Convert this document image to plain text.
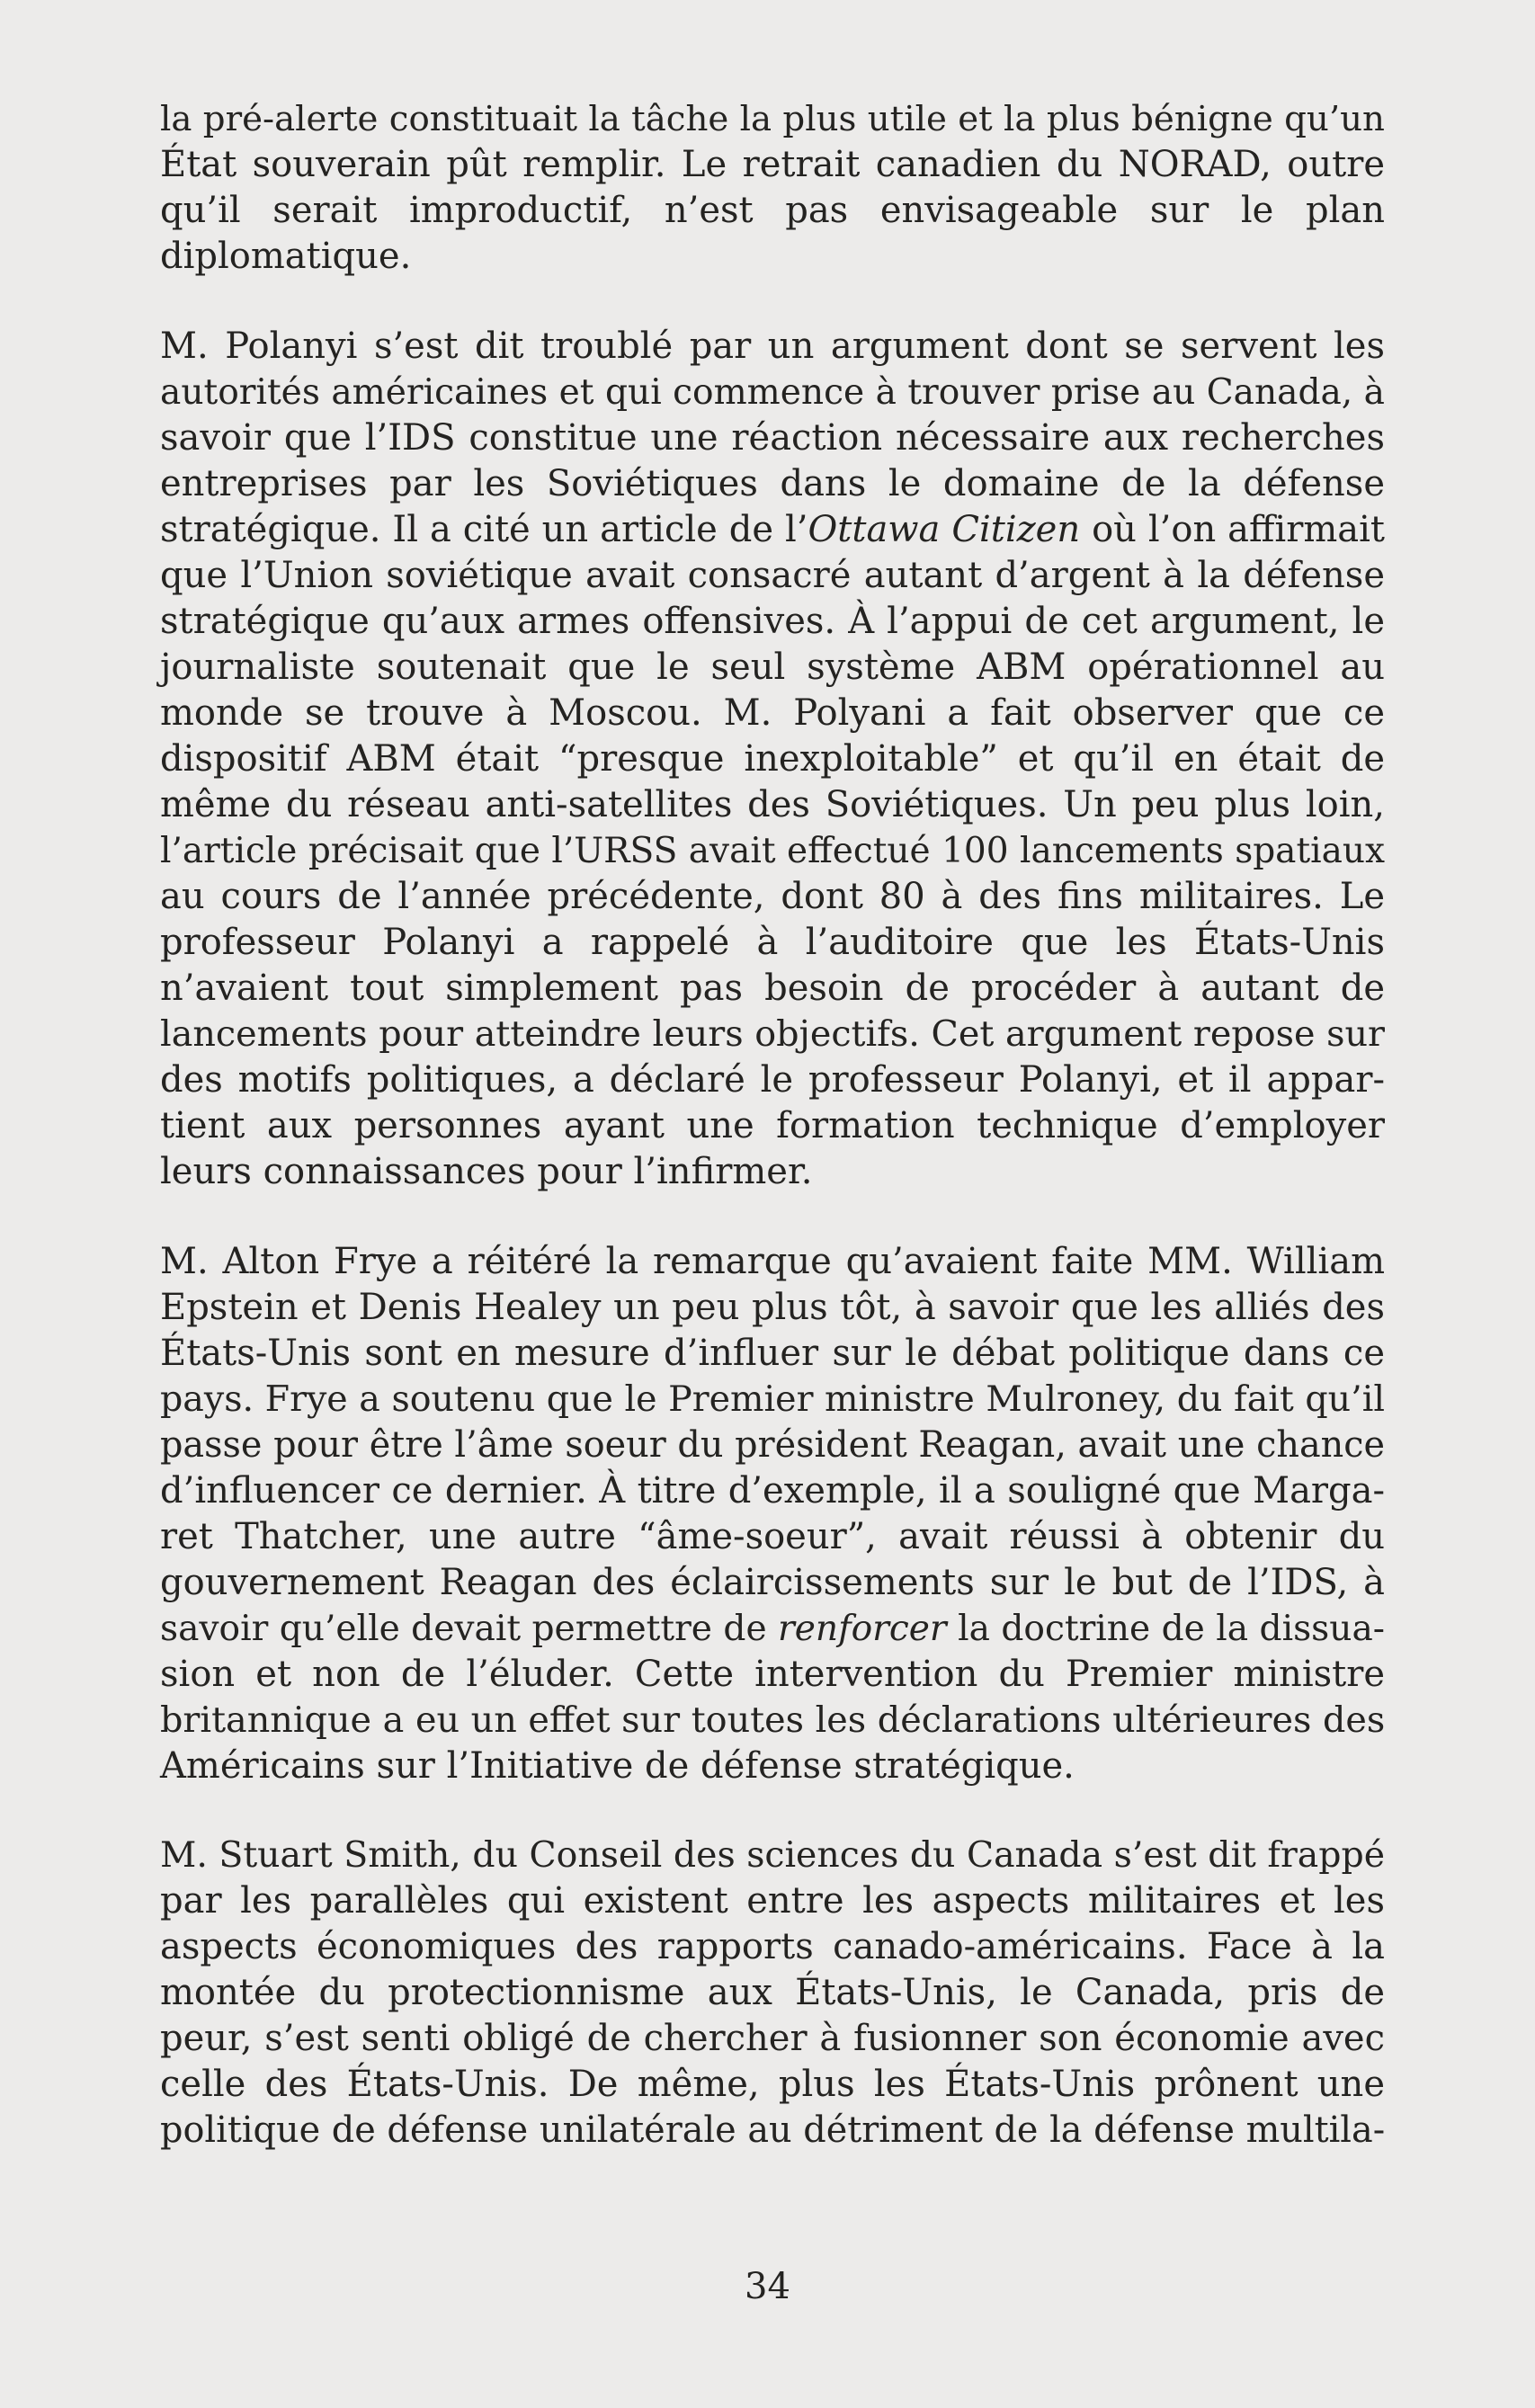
la pré-alerte constituait la tâche la plus utile et la plus bénigne qu’un
État souverain pût remplir. Le retrait canadien du NORAD, outre
qu’il serait improductif, n’est pas envisageable sur le plan
diplomatique.

M. Polanyi s’est dit troublé par un argument dont se servent les
autorités américaines et qui commence à trouver prise au Canada, à
savoir que l’IDS constitue une réaction nécessaire aux recherches
entreprises par les Soviétiques dans le domaine de la défense
stratégique. Il a cité un article de l’Ottawa Citizen où l’on affirmait
que l’Union soviétique avait consacré autant d’argent à la défense
stratégique qu’aux armes offensives. À l’appui de cet argument, le
journaliste soutenait que le seul système ABM opérationnel au
monde se trouve à Moscou. M. Polyani a fait observer que ce
dispositif ABM était “presque inexploitable” et qu’il en était de
même du réseau anti-satellites des Soviétiques. Un peu plus loin,
l’article précisait que l’URSS avait effectué 100 lancements spatiaux
au cours de l’année précédente, dont 80 à des fins militaires. Le
professeur Polanyi a rappelé à l’auditoire que les États-Unis
n’avaient tout simplement pas besoin de procéder à autant de
lancements pour atteindre leurs objectifs. Cet argument repose sur
des motifs politiques, a déclaré le professeur Polanyi, et il appar-
tient aux personnes ayant une formation technique d’employer
leurs connaissances pour l’infirmer.

M. Alton Frye a réitéré la remarque qu’avaient faite MM. William
Epstein et Denis Healey un peu plus tôt, à savoir que les alliés des
États-Unis sont en mesure d’influer sur le débat politique dans ce
pays. Frye a soutenu que le Premier ministre Mulroney, du fait qu’il
passe pour être l’âme soeur du président Reagan, avait une chance
d’influencer ce dernier. À titre d’exemple, il a souligné que Marga-
ret Thatcher, une autre “âme-soeur”, avait réussi à obtenir du
gouvernement Reagan des éclaircissements sur le but de l’IDS, à
savoir qu’elle devait permettre de renforcer la doctrine de la dissua-
sion et non de l’éluder. Cette intervention du Premier ministre
britannique a eu un effet sur toutes les déclarations ultérieures des
Américains sur l’Initiative de défense stratégique.

M. Stuart Smith, du Conseil des sciences du Canada s’est dit frappé
par les parallèles qui existent entre les aspects militaires et les
aspects économiques des rapports canado-américains. Face à la
montée du protectionnisme aux États-Unis, le Canada, pris de
peur, s’est senti obligé de chercher à fusionner son économie avec
celle des États-Unis. De même, plus les États-Unis prônent une
politique de défense unilatérale au détriment de la défense multila-

34
